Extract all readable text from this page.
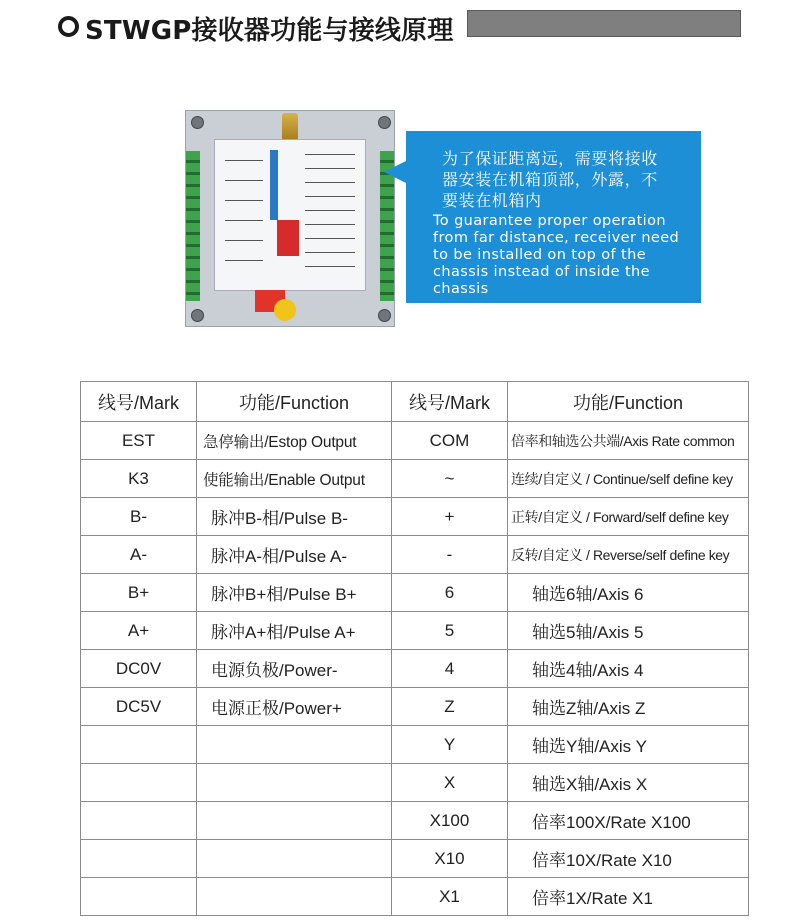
STWGP接收器功能与接线原理
为了保证距离远，需要将接收
器安装在机箱顶部，外露，不
要装在机箱内
To guarantee proper operation
from far distance, receiver need
to be installed on top of the
chassis instead of inside the
chassis
线号/Mark	功能/Function	线号/Mark	功能/Function
EST	急停输出/Estop Output	COM	倍率和轴选公共端/Axis Rate common
K3	使能输出/Enable Output	~	连续/自定义 / Continue/self define key
B-	脉冲B-相/Pulse B-	+	正转/自定义 / Forward/self define key
A-	脉冲A-相/Pulse A-	-	反转/自定义 / Reverse/self define key
B+	脉冲B+相/Pulse B+	6	轴选6轴/Axis 6
A+	脉冲A+相/Pulse A+	5	轴选5轴/Axis 5
DC0V	电源负极/Power-	4	轴选4轴/Axis 4
DC5V	电源正极/Power+	Z	轴选Z轴/Axis Z
		Y	轴选Y轴/Axis Y
		X	轴选X轴/Axis X
		X100	倍率100X/Rate X100
		X10	倍率10X/Rate X10
		X1	倍率1X/Rate X1
